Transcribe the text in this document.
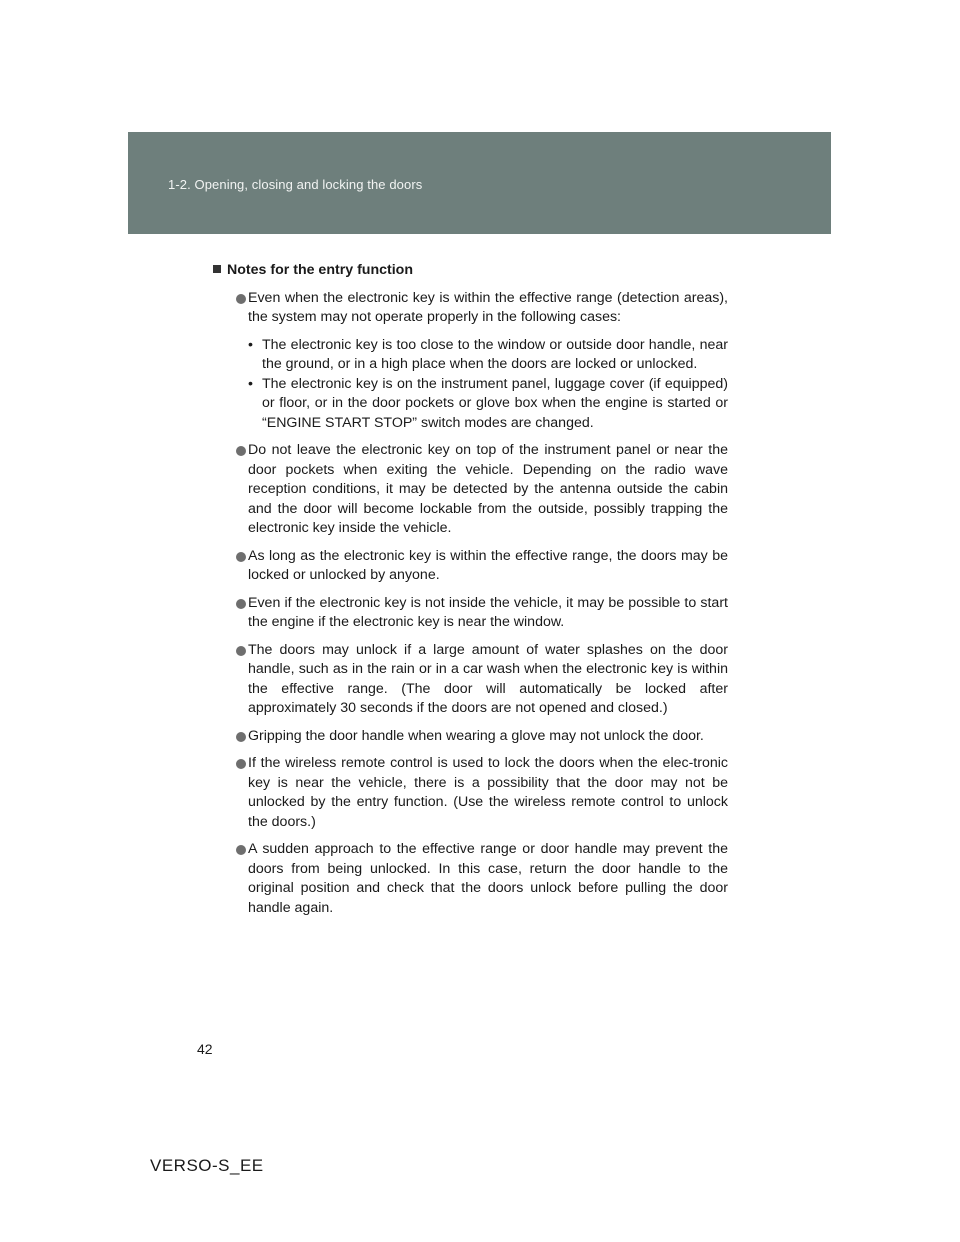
1-2. Opening, closing and locking the doors
Notes for the entry function
Even when the electronic key is within the effective range (detection areas), the system may not operate properly in the following cases:
• The electronic key is too close to the window or outside door handle, near the ground, or in a high place when the doors are locked or unlocked.
• The electronic key is on the instrument panel, luggage cover (if equipped) or floor, or in the door pockets or glove box when the engine is started or “ENGINE START STOP” switch modes are changed.
Do not leave the electronic key on top of the instrument panel or near the door pockets when exiting the vehicle. Depending on the radio wave reception conditions, it may be detected by the antenna outside the cabin and the door will become lockable from the outside, possibly trapping the electronic key inside the vehicle.
As long as the electronic key is within the effective range, the doors may be locked or unlocked by anyone.
Even if the electronic key is not inside the vehicle, it may be possible to start the engine if the electronic key is near the window.
The doors may unlock if a large amount of water splashes on the door handle, such as in the rain or in a car wash when the electronic key is within the effective range. (The door will automatically be locked after approximately 30 seconds if the doors are not opened and closed.)
Gripping the door handle when wearing a glove may not unlock the door.
If the wireless remote control is used to lock the doors when the elec-tronic key is near the vehicle, there is a possibility that the door may not be unlocked by the entry function. (Use the wireless remote control to unlock the doors.)
A sudden approach to the effective range or door handle may prevent the doors from being unlocked. In this case, return the door handle to the original position and check that the doors unlock before pulling the door handle again.
42
VERSO-S_EE
